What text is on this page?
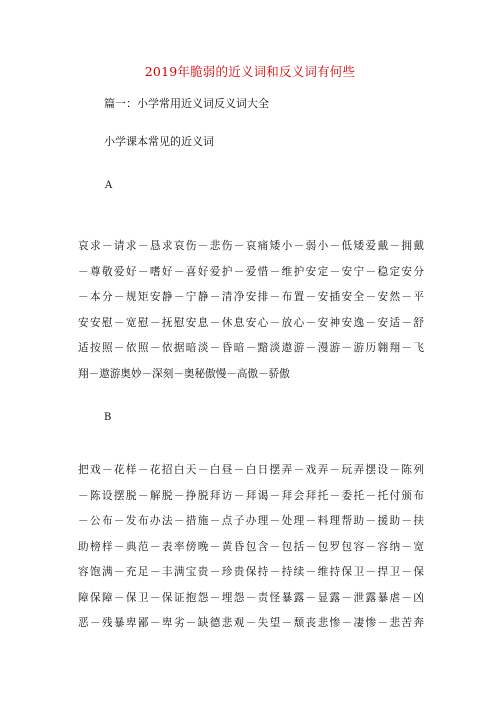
2019年脆弱的近义词和反义词有何些
篇一：小学常用近义词反义词大全
小学课本常见的近义词
A
哀求－请求－恳求哀伤－悲伤－哀痛矮小－弱小－低矮爱戴－拥戴
－尊敬爱好－嗜好－喜好爱护－爱惜－维护安定－安宁－稳定安分
－本分－规矩安静－宁静－清净安排－布置－安插安全－安然－平
安安慰－宽慰－抚慰安息－休息安心－放心－安神安逸－安适－舒
适按照－依照－依据暗淡－昏暗－黯淡遨游－漫游－游历翱翔－飞
翔－遨游奥妙－深刻－奥秘傲慢－高傲－骄傲
B
把戏－花样－花招白天－白昼－白日摆弄－戏弄－玩弄摆设－陈列
－陈设摆脱－解脱－挣脱拜访－拜谒－拜会拜托－委托－托付颁布
－公布－发布办法－措施－点子办理－处理－料理帮助－援助－扶
助榜样－典范－表率傍晚－黄昏包含－包括－包罗包容－容纳－宽
容饱满－充足－丰满宝贵－珍贵保持－持续－维持保卫－捍卫－保
障保障－保卫－保证抱怨－埋怨－责怪暴露－显露－泄露暴虐－凶
恶－残暴卑鄙－卑劣－缺德悲观－失望－颓丧悲惨－凄惨－悲苦奔
